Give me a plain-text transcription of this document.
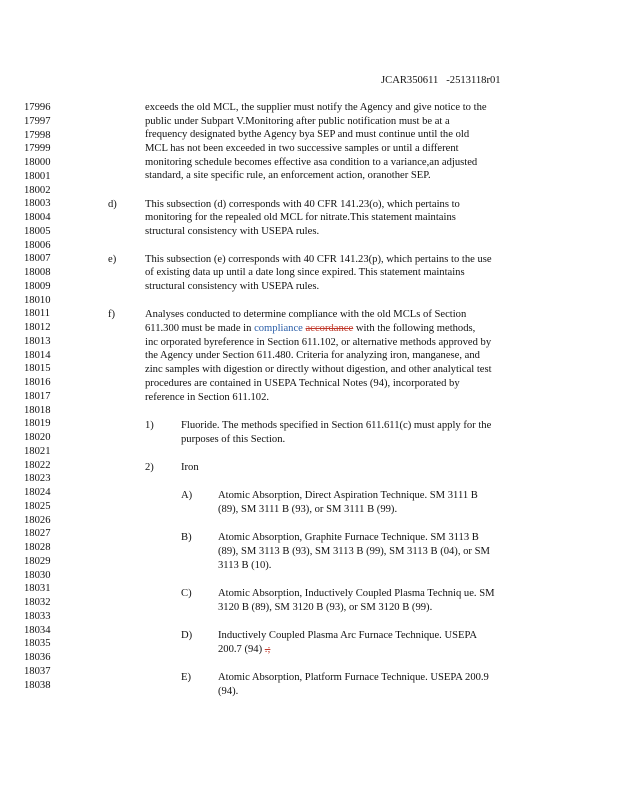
JCAR350611 -2513118r01
17996
17997
17998
17999
18000
18001
18002
18003
18004
18005
18006
18007
18008
18009
18010
18011
18012
18013
18014
18015
18016
18017
18018
18019
18020
18021
18022
18023
18024
18025
18026
18027
18028
18029
18030
18031
18032
18033
18034
18035
18036
18037
18038
exceeds the old MCL, the supplier must notify the Agency and give notice to the
public under Subpart V.Monitoring after public notification must be at a
frequency designated bythe Agency bya SEP and must continue until the old
MCL has not been exceeded in two successive samples or until a different
monitoring schedule becomes effective asa condition to a variance,an adjusted
standard, a site specific rule, an enforcement action, oranother SEP.
d)	This subsection (d) corresponds with 40 CFR 141.23(o), which pertains to
monitoring for the repealed old MCL for nitrate.This statement maintains
structural consistency with USEPA rules.
e)	This subsection (e) corresponds with 40 CFR 141.23(p), which pertains to the use
of existing data up until a date long since expired. This statement maintains
structural consistency with USEPA rules.
f)	Analyses conducted to determine compliance with the old MCLs of Section
611.300 must be made in compliance accordance with the following methods,
inc orporated byreference in Section 611.102, or alternative methods approved by
the Agency under Section 611.480. Criteria for analyzing iron, manganese, and
zinc samples with digestion or directly without digestion, and other analytical test
procedures are contained in USEPA Technical Notes (94), incorporated by
reference in Section 611.102.
1)	Fluoride. The methods specified in Section 611.611(c) must apply for the
purposes of this Section.
2)	Iron
A) Atomic Absorption, Direct Aspiration Technique. SM 3111 B
(89), SM 3111 B (93), or SM 3111 B (99).
B) Atomic Absorption, Graphite Furnace Technique. SM 3113 B
(89), SM 3113 B (93), SM 3113 B (99), SM 3113 B (04), or SM
3113 B (10).
C) Atomic Absorption, Inductively Coupled Plasma Techniq ue. SM
3120 B (89), SM 3120 B (93), or SM 3120 B (99).
D) Inductively Coupled Plasma Arc Furnace Technique. USEPA
200.7 (94) .;
E)	Atomic Absorption, Platform Furnace Technique. USEPA 200.9
(94).
